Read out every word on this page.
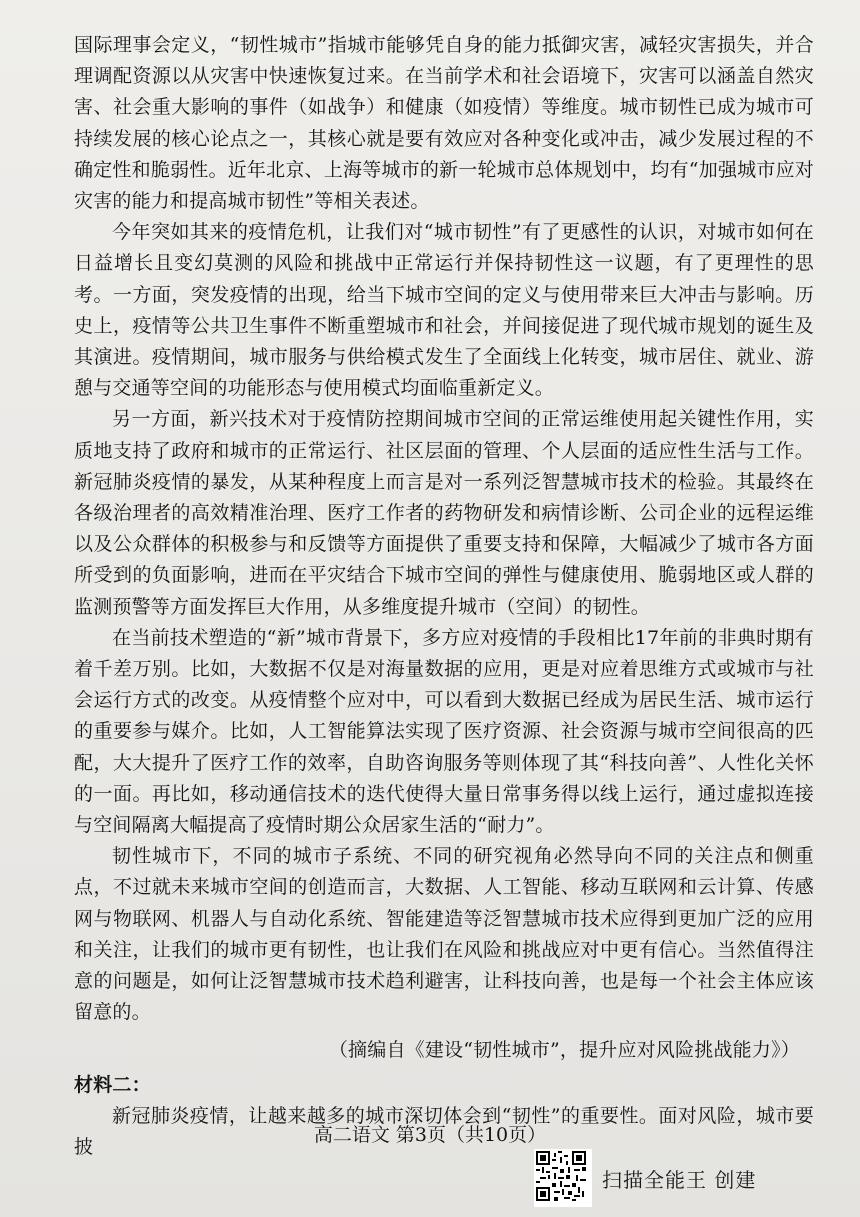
国际理事会定义，“韧性城市”指城市能够凭自身的能力抵御灾害，减轻灾害损失，并合理调配资源以从灾害中快速恢复过来。在当前学术和社会语境下，灾害可以涵盖自然灾害、社会重大影响的事件（如战争）和健康（如疫情）等维度。城市韧性已成为城市可持续发展的核心论点之一，其核心就是要有效应对各种变化或冲击，减少发展过程的不确定性和脆弱性。近年北京、上海等城市的新一轮城市总体规划中，均有“加强城市应对灾害的能力和提高城市韧性”等相关表述。

今年突如其来的疫情危机，让我们对“城市韧性”有了更感性的认识，对城市如何在日益增长且变幻莫测的风险和挑战中正常运行并保持韧性这一议题，有了更理性的思考。一方面，突发疫情的出现，给当下城市空间的定义与使用带来巨大冲击与影响。历史上，疫情等公共卫生事件不断重塑城市和社会，并间接促进了现代城市规划的诞生及其演进。疫情期间，城市服务与供给模式发生了全面线上化转变，城市居住、就业、游憩与交通等空间的功能形态与使用模式均面临重新定义。

另一方面，新兴技术对于疫情防控期间城市空间的正常运维使用起关键性作用，实质地支持了政府和城市的正常运行、社区层面的管理、个人层面的适应性生活与工作。新冠肺炎疫情的暴发，从某种程度上而言是对一系列泛智慧城市技术的检验。其最终在各级治理者的高效精准治理、医疗工作者的药物研发和病情诊断、公司企业的远程运维以及公众群体的积极参与和反馈等方面提供了重要支持和保障，大幅减少了城市各方面所受到的负面影响，进而在平灾结合下城市空间的弹性与健康使用、脆弱地区或人群的监测预警等方面发挥巨大作用，从多维度提升城市（空间）的韧性。

在当前技术塑造的“新”城市背景下，多方应对疫情的手段相比17年前的非典时期有着千差万别。比如，大数据不仅是对海量数据的应用，更是对应着思维方式或城市与社会运行方式的改变。从疫情整个应对中，可以看到大数据已经成为居民生活、城市运行的重要参与媒介。比如，人工智能算法实现了医疗资源、社会资源与城市空间很高的匹配，大大提升了医疗工作的效率，自助咨询服务等则体现了其“科技向善”、人性化关怀的一面。再比如，移动通信技术的迭代使得大量日常事务得以线上运行，通过虚拟连接与空间隔离大幅提高了疫情时期公众居家生活的“耐力”。

韧性城市下，不同的城市子系统、不同的研究视角必然导向不同的关注点和侧重点，不过就未来城市空间的创造而言，大数据、人工智能、移动互联网和云计算、传感网与物联网、机器人与自动化系统、智能建造等泛智慧城市技术应得到更加广泛的应用和关注，让我们的城市更有韧性，也让我们在风险和挑战应对中更有信心。当然值得注意的问题是，如何让泛智慧城市技术趋利避害，让科技向善，也是每一个社会主体应该留意的。

（摘编自《建设“韧性城市”，提升应对风险挑战能力》）

材料二：

新冠肺炎疫情，让越来越多的城市深切体会到“韧性”的重要性。面对风险，城市要披

高二语文 第3页（共10页）
扫描全能王 创建
